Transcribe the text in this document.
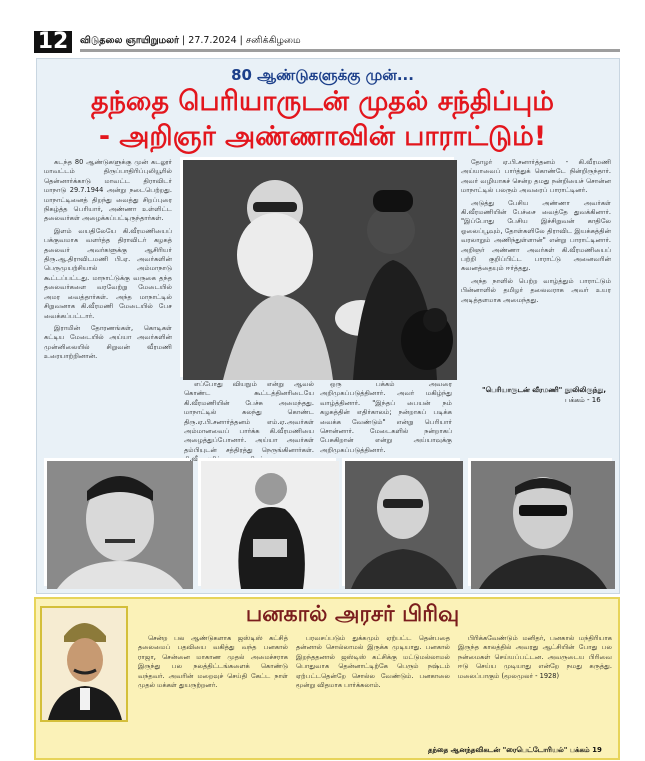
12	விடுதலை ஞாயிறுமலர் | 27.7.2024 | சனிக்கிழமை
80 ஆண்டுகளுக்கு முன்...
தந்தை பெரியாருடன் முதல் சந்திப்பும்
- அறிஞர் அண்ணாவின் பாராட்டும்!

கடந்த 80 ஆண்டுகளுக்கு முன் கடலூர் மாவட்டம் திருப்பாதிரிப்புலியூரில் தென்னார்க்காடு மாவட்ட திராவிடர் மாநாடு 29.7.1944 அன்று நடைபெற்றது. மாநாட்டினைத் திறந்து வைத்து சிறப்புரை நிகழ்த்த பெரியார், அண்ணா உள்ளிட்ட தலைவர்கள் அழைக்கப்பட்டிருந்தார்கள்.

இளம் வயதிலேயே கி.வீரமணியைப் பக்குவமாக வளர்த்த திராவிடர் கழகத் தலைவர் அவர்களுக்கு ஆசிரியர் திரு.ஆ.திராவிடமணி பி.ஏ. அவர்களின் பெருமுயற்சியால் அம்மாநாடு கூட்டப்பட்டது. மாநாட்டுக்கு வருகை தந்த தலைவர்களை வரவேற்று மேடையில் அமர வைத்தார்கள். அந்த மாநாட்டில் சிறுவனாக கி.வீரமணி மேடையில் பேச வைக்கப்பட்டார்.

இராமின் தோரணங்கள், கொடிகள் கட்டிய மேடையில் அய்யா அவர்களின் முன்னிலையில் சிறுவன் வீரமணி உரையாற்றினான்.

தோழர் ஏ.பி.சனார்த்தனம் - கி.வீரமணி அய்யாவைப் பார்த்துக் கொண்டே நின்றிருந்தார். அவர் வழியாகச் சென்ற தமது நன்றியைச் சொன்ன மாநாட்டில் பலரும் அவரைப் பாராட்டினர்.

அடுத்து பேசிய அண்ணா அவர்கள் கி.வீரமணியின் பேச்சை வைத்தே துவக்கினார். "இப்போது பேசிய இச்சிறுவன் காதிலே ஓலைப்பூவும், தோள்களிலே திராவிட இயக்கத்தின் வரலாறும் அணிந்துள்ளான்" என்று பாராட்டினார். அறிஞர் அண்ணா அவர்கள் கி.வீரமணியைப் பற்றி குறிப்பிட்ட பாராட்டு அனைவரின் கவனத்தையும் ஈர்த்தது.

அந்த நாளில் பெற்ற வாழ்த்தும் பாராட்டும் பின்னாளில் தமிழர் தலைவராக அவர் உயர அடித்தளமாக அமைந்தது.

"பெரியாருடன் வீரமணி" நூலிலிருந்து,
பக்கம் - 16

எப்போது வியநும் என்று ஆவல் கொண்ட கூட்டத்தினரிடையே கி.வீரமணியின் பேச்சு அமைந்தது. மாநாட்டில் கலந்து கொண்ட திரு.ஏ.பி.சனார்த்தனம் எம்.ஏ.அவர்கள் அம்மானவைப் பார்க்க கி.வீரமணியை அழைத்துப்போனார். அய்யா அவர்கள் தம்பியுடன் சத்திரத்து நெருங்கினார்கள்.

ஒரு பக்கம் அவரை அறிமுகப்படுத்தினார். அவர் மகிழ்ந்து வாழ்த்தினார். "இந்தப் பையன் நம் கழகத்தின் எதிர்காலம்; நன்றாகப் படிக்க வைக்க வேண்டும்" என்று பெரியார் சொன்னார். மேடைகளில் நன்றாகப் பேசுகிறான் என்று அய்யாவுக்கு அறிமுகப்படுத்தினார்.

பனகால் அரசர் பிரிவு

சென்ற பல ஆண்டுகளாக ஜஸ்டிஸ் கட்சித் தலைமைப் பதவியை வகித்து வந்த பனகால் ராஜா, சென்னை மாகாண முதல் அமைச்சராக இருந்து பல நலத்திட்டங்களைக் கொண்டு வந்தவர். அவரின் மறைவுச் செய்தி கேட்ட நாள் முதல் மக்கள் துயருற்றனர்.

பரவசப்படும் துக்கமும் ஏற்பட்ட தென்பதை தன்னால் சொல்லாமல் இருக்க முடியாது. பனகால் இறந்ததனால் ஜஸ்டிஸ் கட்சிக்கு மட்டுமல்லாமல் பொதுவாக தென்னாட்டிற்கே பெரும் நஷ்டம் ஏற்பட்டதென்றே சொல்ல வேண்டும். பனகாலை மூன்று விதமாக பார்க்கலாம்.

பிரிக்கவேண்டும் மனிதர், பனகால் மந்திரியாக இருந்த காலத்தில் அவரது ஆட்சியின் போது பல நன்மைகள் செய்யப்பட்டன. அவருடைய பிரிவை ஈடு செய்ய முடியாது என்றே நமது கருத்து. மலைப்பாகும் (மூலமுலர் - 1928)

தந்தை ஆனந்தவிகடன் "ரைபெட்டோரியல்" பக்கம் 19
